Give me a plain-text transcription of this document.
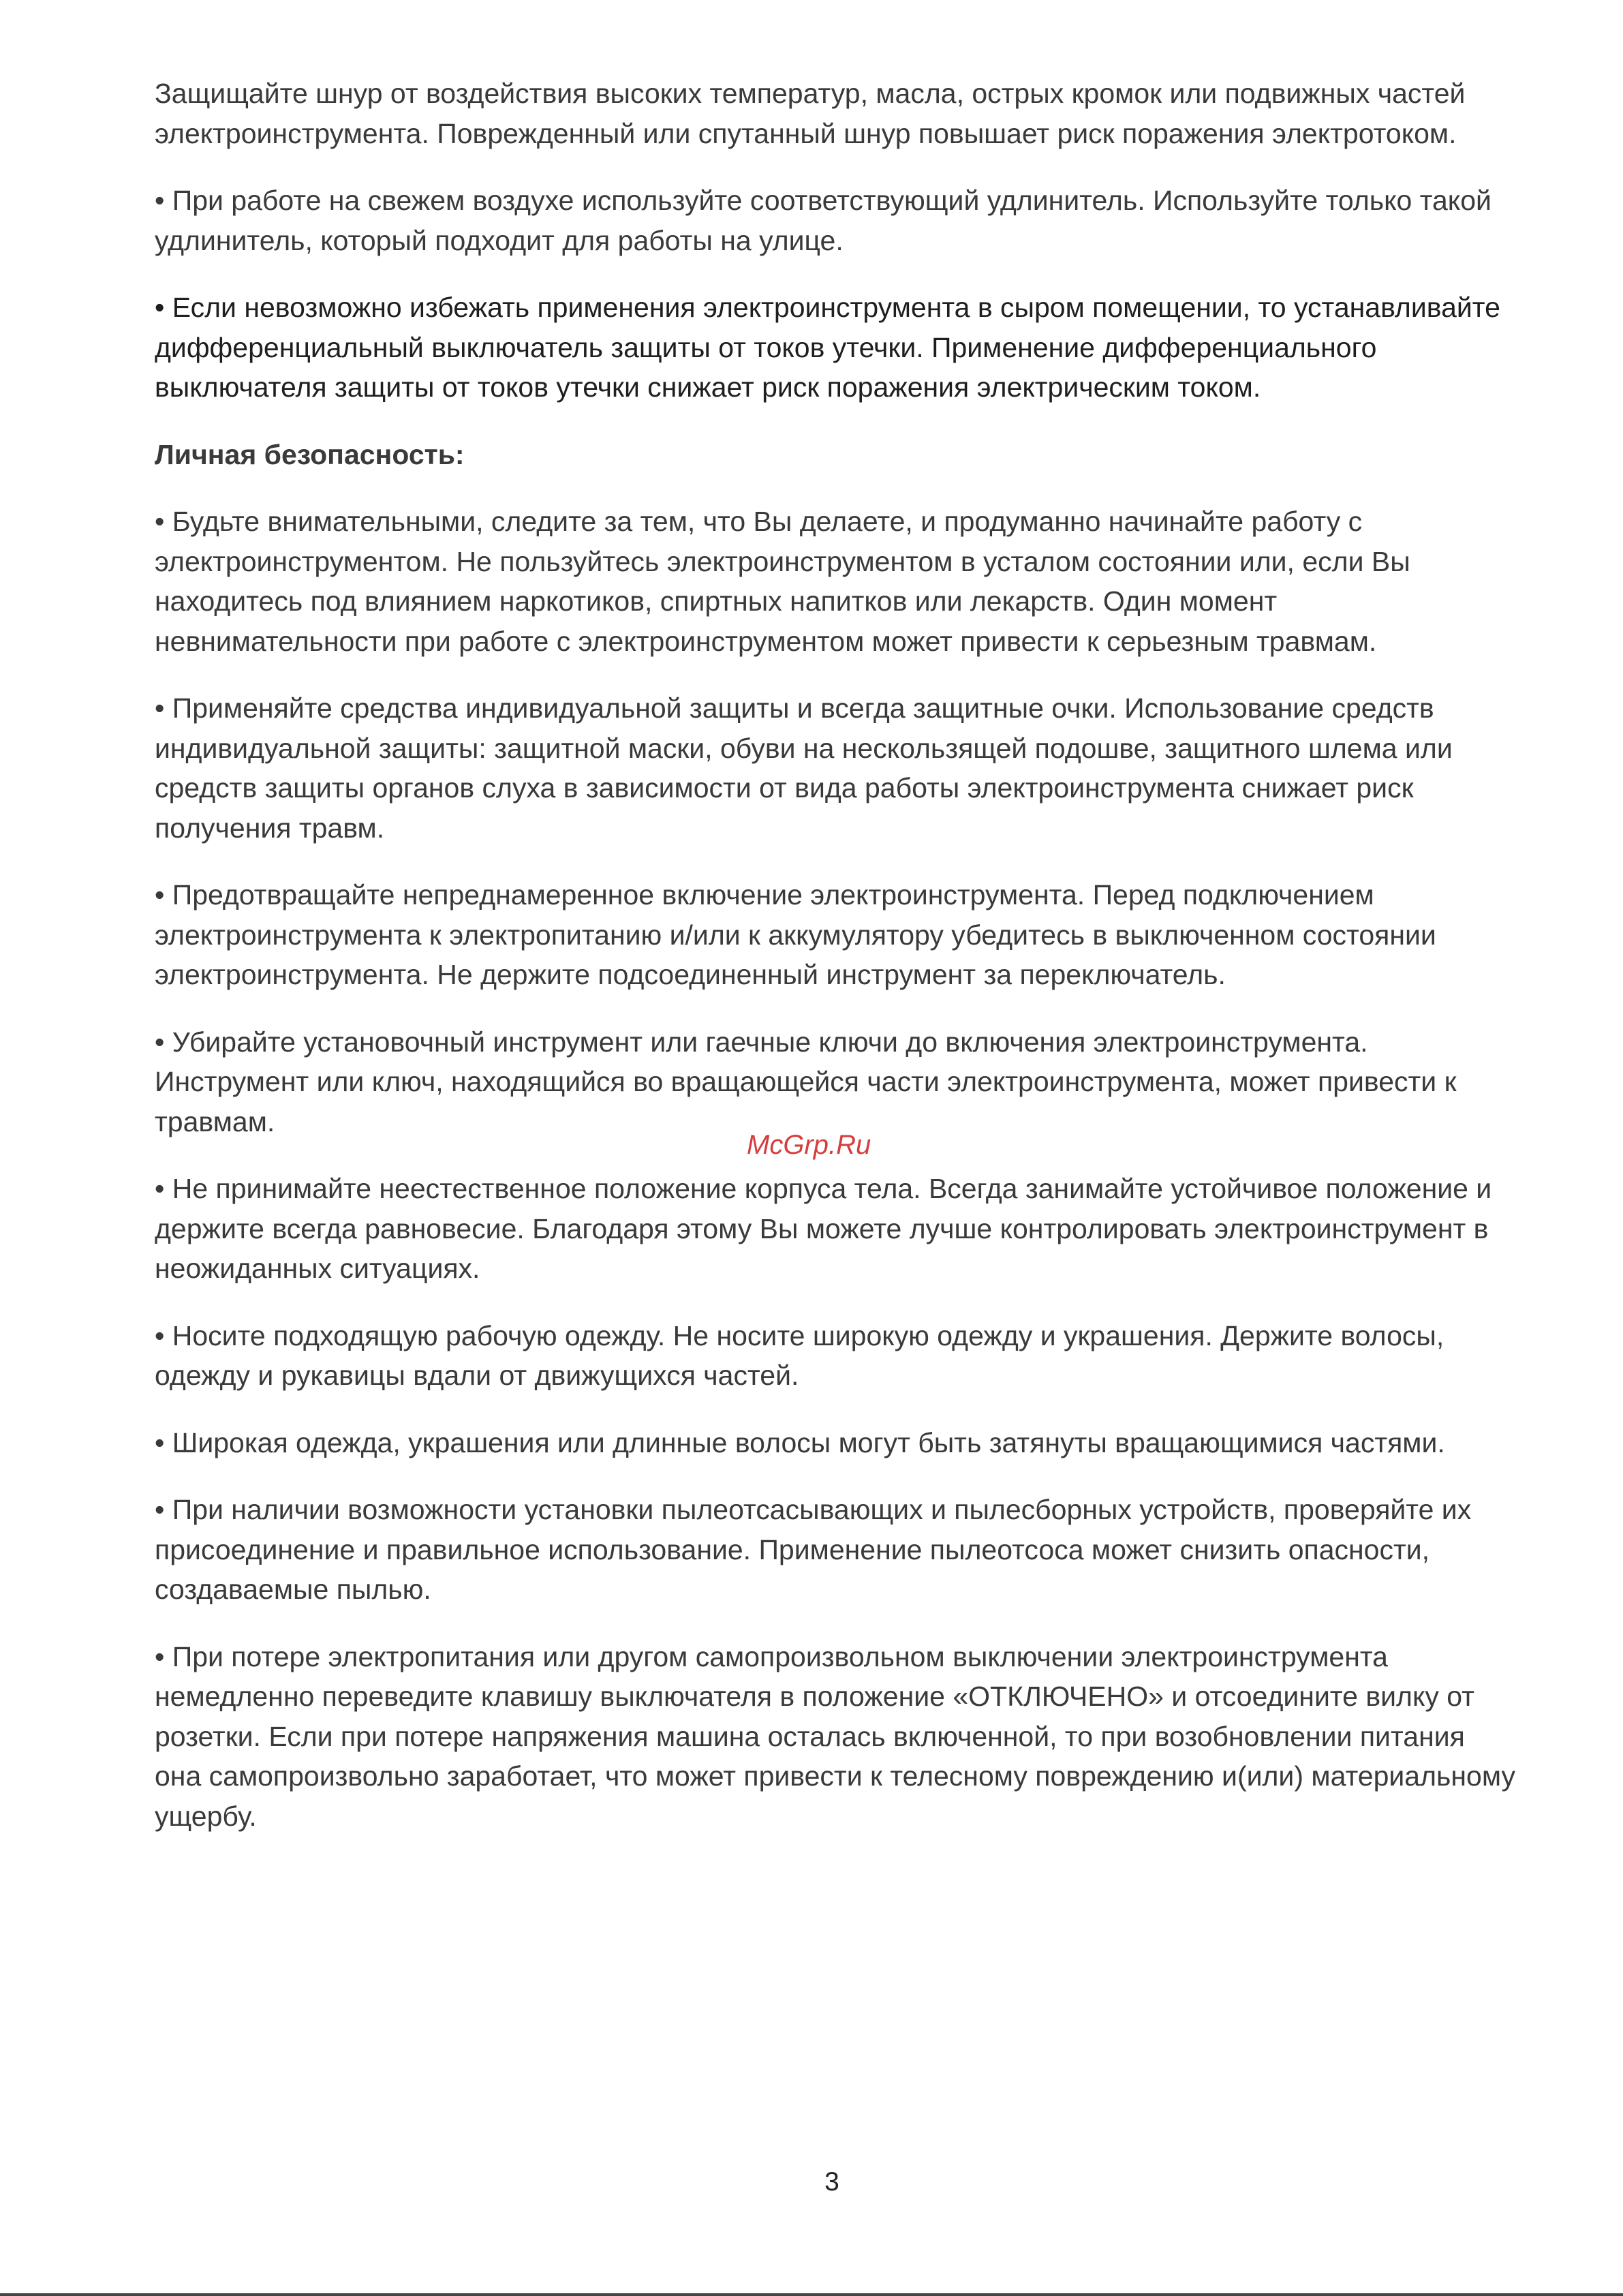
Защищайте шнур от воздействия высоких температур, масла, острых кромок или подвижных частей электроинструмента. Поврежденный или спутанный шнур повышает риск поражения электротоком.

• При работе на свежем воздухе используйте соответствующий удлинитель. Используйте только такой удлинитель, который подходит для работы на улице.

• Если невозможно избежать применения электроинструмента в сыром помещении, то устанавливайте дифференциальный выключатель защиты от токов утечки. Применение дифференциального выключателя защиты от токов утечки снижает риск поражения электрическим током.

Личная безопасность:

• Будьте внимательными, следите за тем, что Вы делаете, и продуманно начинайте работу с электроинструментом. Не пользуйтесь электроинструментом в усталом состоянии или, если Вы находитесь под влиянием наркотиков, спиртных напитков или лекарств. Один момент невнимательности при работе с электроинструментом может привести к серьезным травмам.

• Применяйте средства индивидуальной защиты и всегда защитные очки. Использование средств индивидуальной защиты: защитной маски, обуви на нескользящей подошве, защитного шлема или средств защиты органов слуха в зависимости от вида работы электроинструмента снижает риск получения травм.

• Предотвращайте непреднамеренное включение электроинструмента. Перед подключением электроинструмента к электропитанию и/или к аккумулятору убедитесь в выключенном состоянии электроинструмента. Не держите подсоединенный инструмент за переключатель.

• Убирайте установочный инструмент или гаечные ключи до включения электроинструмента. Инструмент или ключ, находящийся во вращающейся части электроинструмента, может привести к травмам.

• Не принимайте неестественное положение корпуса тела. Всегда занимайте устойчивое положение и держите всегда равновесие. Благодаря этому Вы можете лучше контролировать электроинструмент в неожиданных ситуациях.

• Носите подходящую рабочую одежду. Не носите широкую одежду и украшения. Держите волосы, одежду и рукавицы вдали от движущихся частей.

• Широкая одежда, украшения или длинные волосы могут быть затянуты вращающимися частями.

• При наличии возможности установки пылеотсасывающих и пылесборных устройств, проверяйте их присоединение и правильное использование. Применение пылеотсоса может снизить опасности, создаваемые пылью.

• При потере электропитания или другом самопроизвольном выключении электроинструмента немедленно переведите клавишу выключателя в положение «ОТКЛЮЧЕНО» и отсоедините вилку от розетки. Если при потере напряжения машина осталась включенной, то при возобновлении питания она самопроизвольно заработает, что может привести к телесному повреждению и(или) материальному ущербу.

McGrp.Ru
3
